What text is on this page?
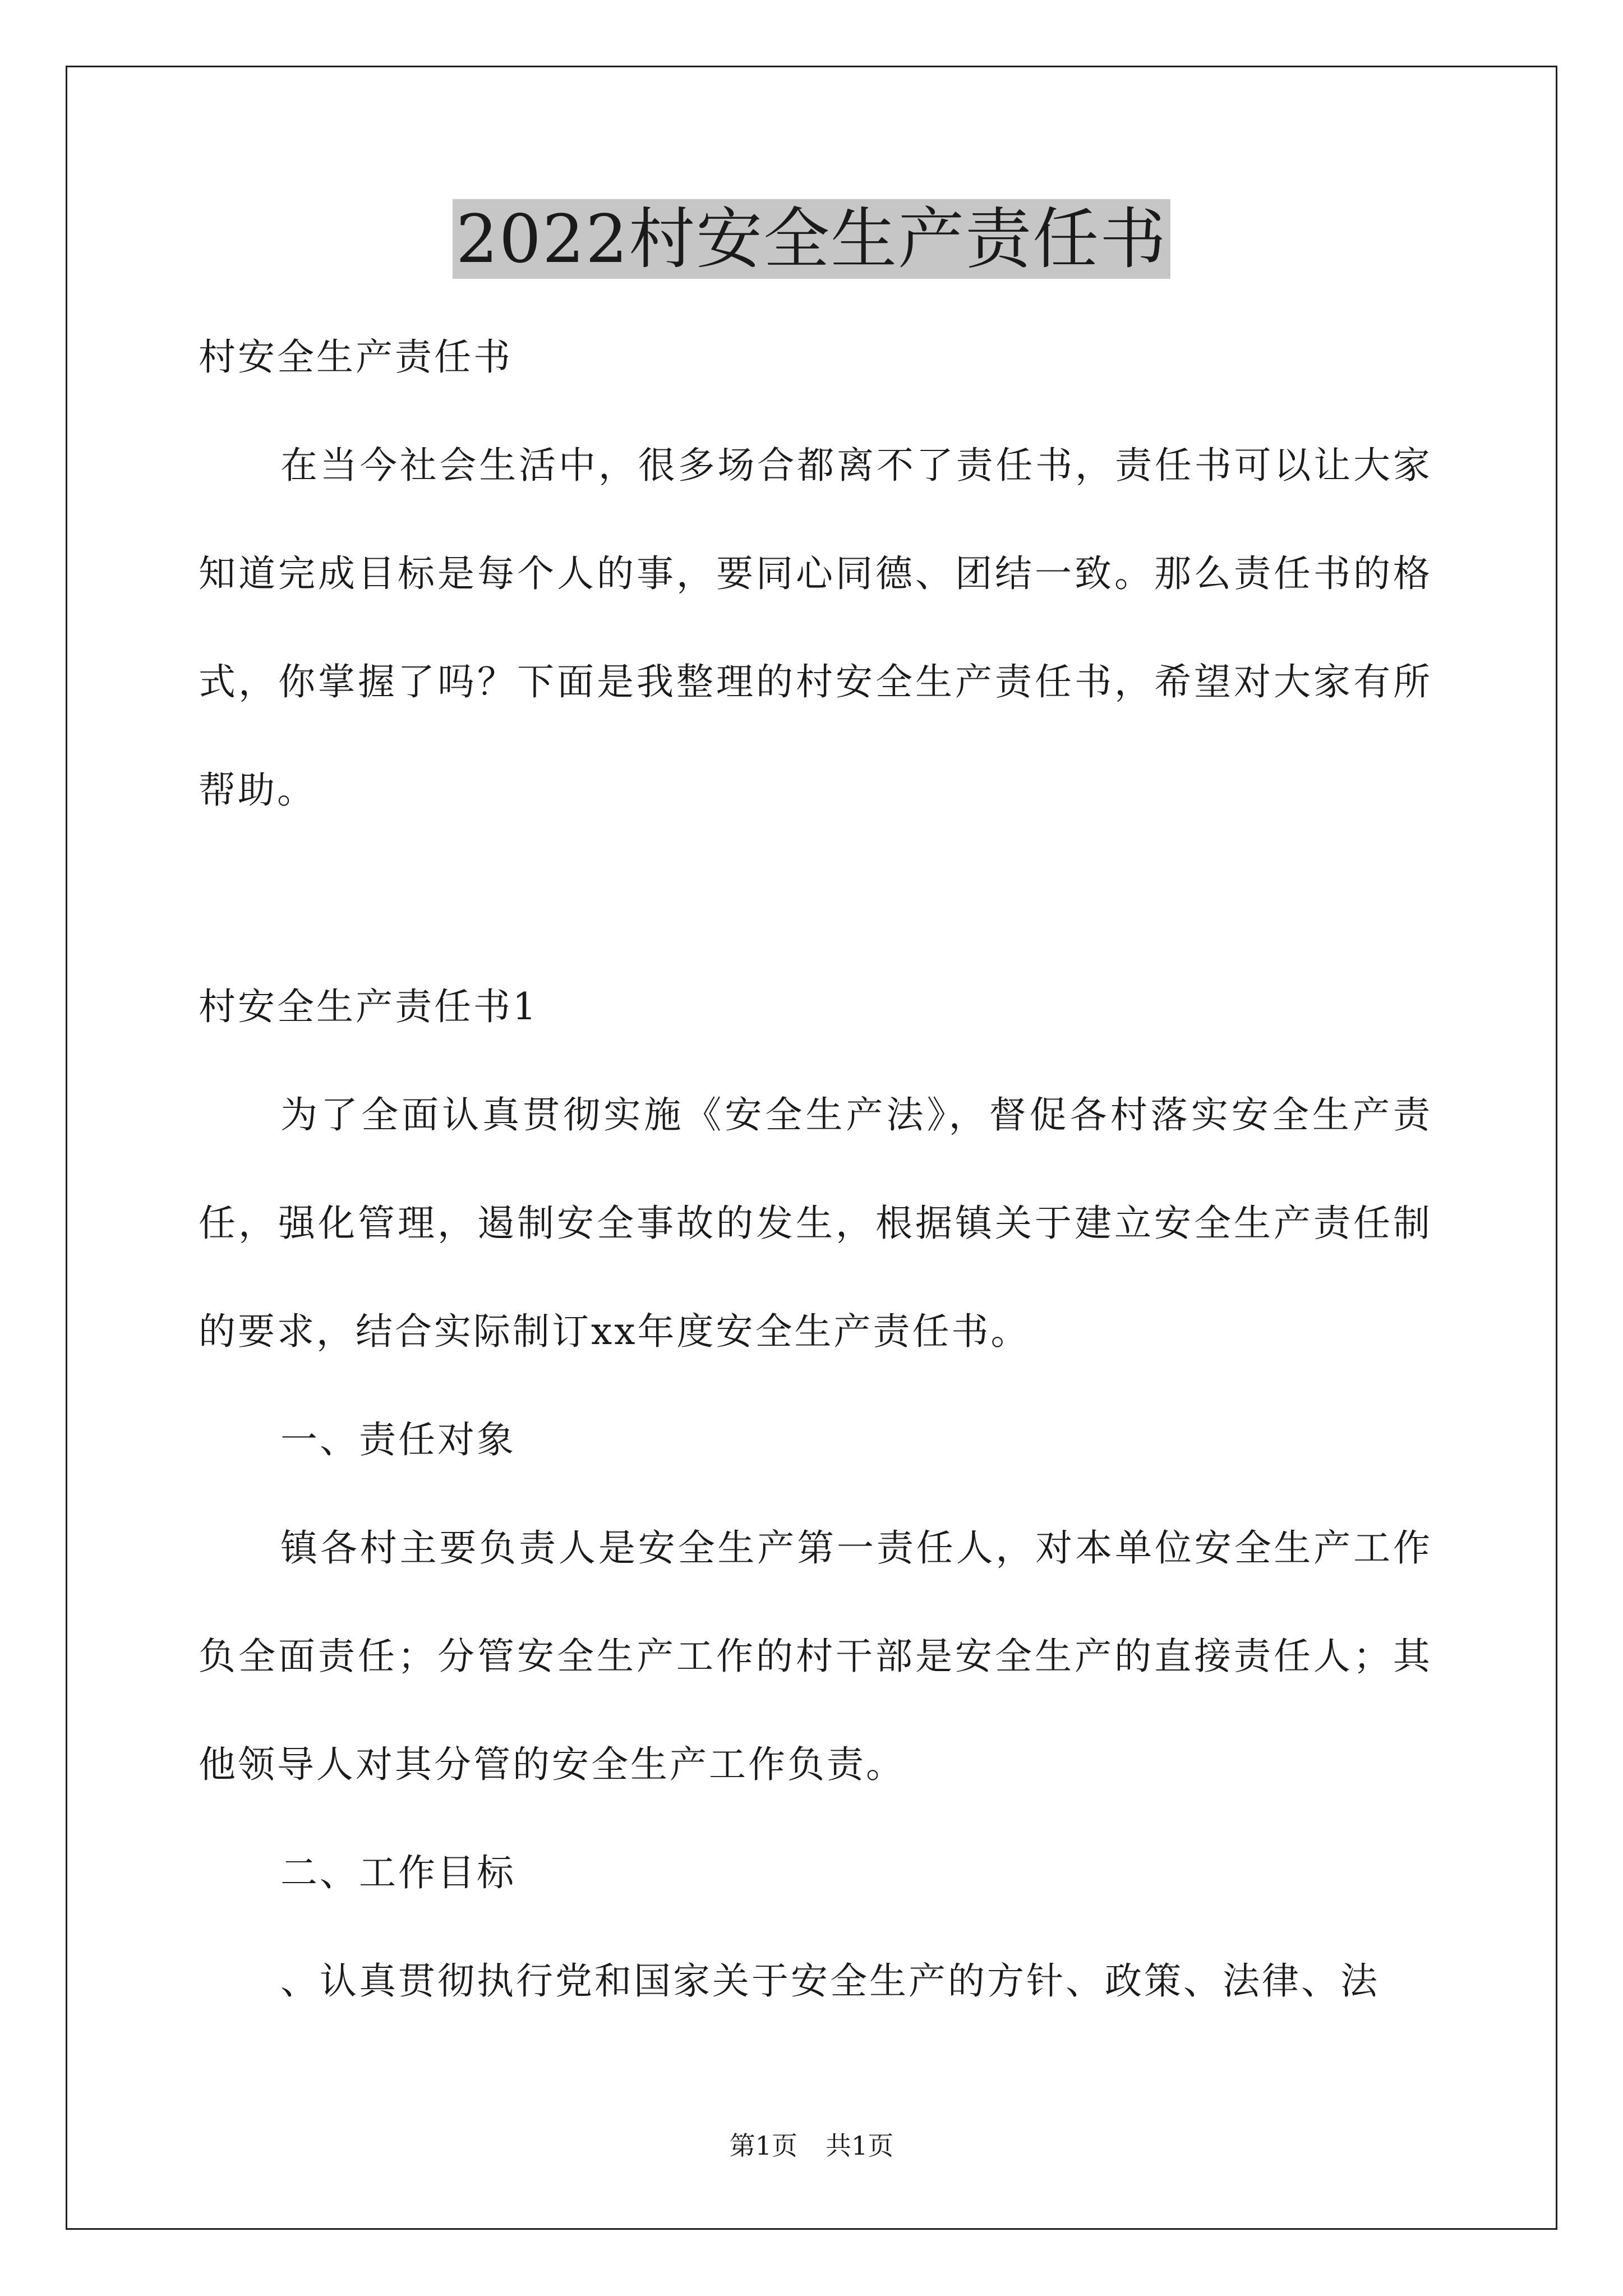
2022村安全生产责任书

村安全生产责任书

在当今社会生活中，很多场合都离不了责任书，责任书可以让大家知道完成目标是每个人的事，要同心同德、团结一致。那么责任书的格式，你掌握了吗？下面是我整理的村安全生产责任书，希望对大家有所帮助。

村安全生产责任书1

为了全面认真贯彻实施《安全生产法》，督促各村落实安全生产责任，强化管理，遏制安全事故的发生，根据镇关于建立安全生产责任制的要求，结合实际制订xx年度安全生产责任书。

一、责任对象

镇各村主要负责人是安全生产第一责任人，对本单位安全生产工作负全面责任；分管安全生产工作的村干部是安全生产的直接责任人；其他领导人对其分管的安全生产工作负责。

二、工作目标

、认真贯彻执行党和国家关于安全生产的方针、政策、法律、法

第1页 共1页
